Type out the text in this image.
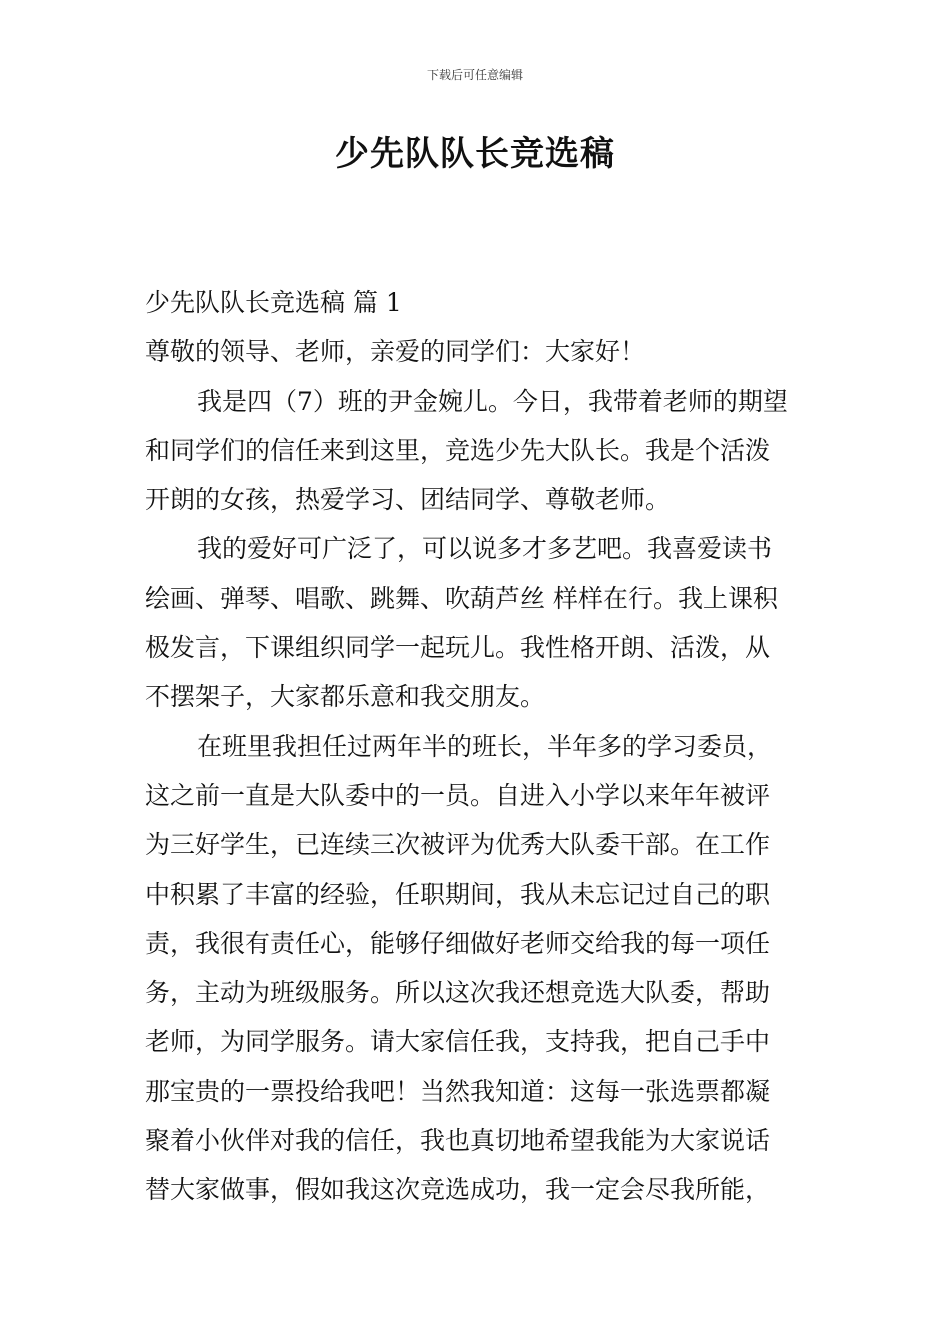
下载后可任意编辑
少先队队长竞选稿
少先队队长竞选稿 篇 1
尊敬的领导、老师，亲爱的同学们：大家好！
我是四（7）班的尹金婉儿。今日，我带着老师的期望
和同学们的信任来到这里，竞选少先大队长。我是个活泼
开朗的女孩，热爱学习、团结同学、尊敬老师。
我的爱好可广泛了，可以说多才多艺吧。我喜爱读书
绘画、弹琴、唱歌、跳舞、吹葫芦丝 样样在行。我上课积
极发言，下课组织同学一起玩儿。我性格开朗、活泼，从
不摆架子，大家都乐意和我交朋友。
在班里我担任过两年半的班长，半年多的学习委员，
这之前一直是大队委中的一员。自进入小学以来年年被评
为三好学生，已连续三次被评为优秀大队委干部。在工作
中积累了丰富的经验，任职期间，我从未忘记过自己的职
责，我很有责任心，能够仔细做好老师交给我的每一项任
务，主动为班级服务。所以这次我还想竞选大队委，帮助
老师，为同学服务。请大家信任我，支持我，把自己手中
那宝贵的一票投给我吧！当然我知道：这每一张选票都凝
聚着小伙伴对我的信任，我也真切地希望我能为大家说话
替大家做事，假如我这次竞选成功，我一定会尽我所能，
